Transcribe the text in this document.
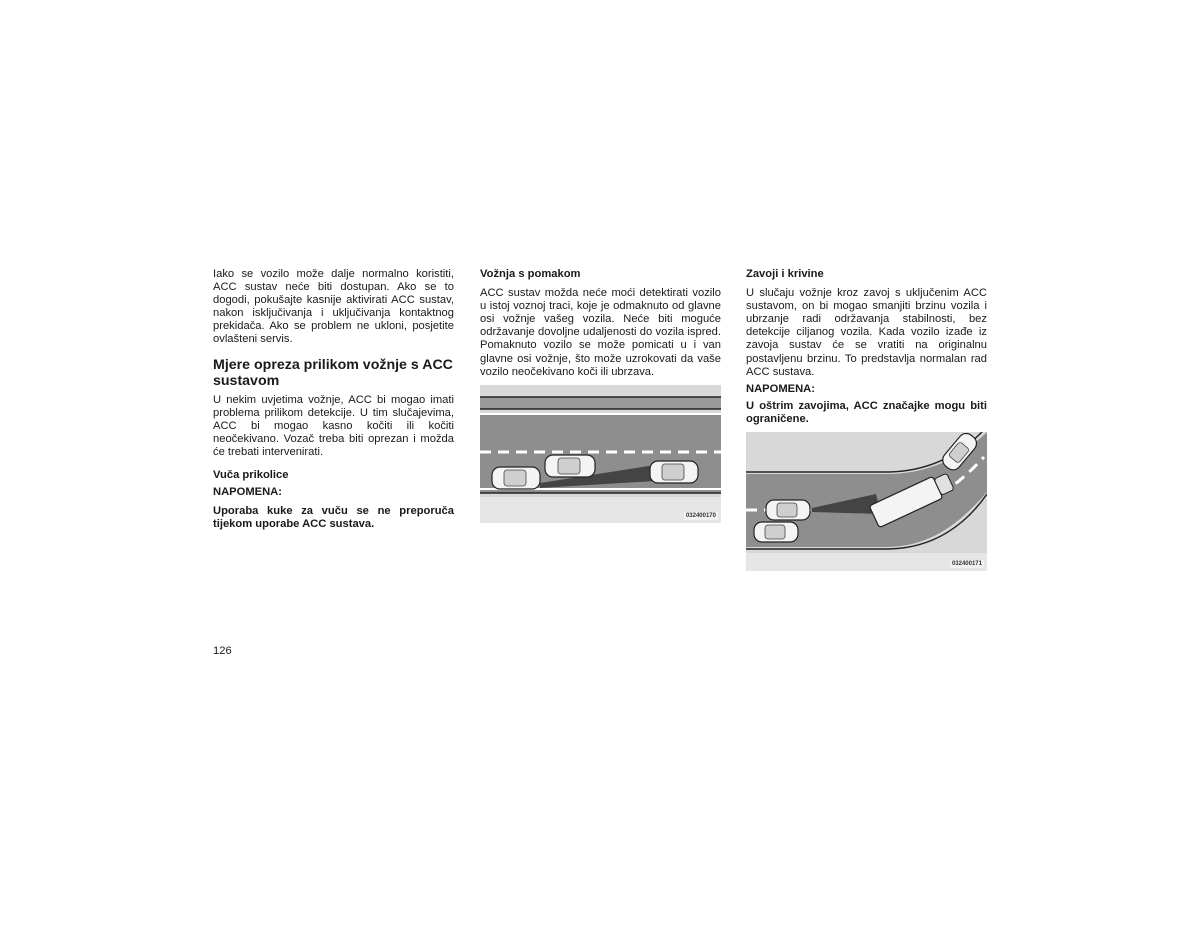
Iako se vozilo može dalje normalno koristiti, ACC sustav neće biti dostupan. Ako se to dogodi, pokušajte kasnije aktivirati ACC sustav, nakon isključivanja i uključivanja kontaktnog prekidača. Ako se problem ne ukloni, posjetite ovlašteni servis.

Mjere opreza prilikom vožnje s ACC sustavom

U nekim uvjetima vožnje, ACC bi mogao imati problema prilikom detekcije. U tim slučajevima, ACC bi mogao kasno kočiti ili kočiti neočekivano. Vozač treba biti oprezan i možda će trebati intervenirati.

Vuča prikolice
NAPOMENA:

Uporaba kuke za vuču se ne preporuča tijekom uporabe ACC sustava.

Vožnja s pomakom

ACC sustav možda neće moći detektirati vozilo u istoj voznoj traci, koje je odmaknuto od glavne osi vožnje vašeg vozila. Neće biti moguće održavanje dovoljne udaljenosti do vozila ispred. Pomaknuto vozilo se može pomicati u i van glavne osi vožnje, što može uzrokovati da vaše vozilo neočekivano koči ili ubrzava.

032400170
Zavoji i krivine

U slučaju vožnje kroz zavoj s uključenim ACC sustavom, on bi mogao smanjiti brzinu vozila i ubrzanje radi održavanja stabilnosti, bez detekcije ciljanog vozila. Kada vozilo izađe iz zavoja sustav će se vratiti na originalnu postavljenu brzinu. To predstavlja normalan rad ACC sustava.

NAPOMENA:

U oštrim zavojima, ACC značajke mogu biti ograničene.

032400171
126
